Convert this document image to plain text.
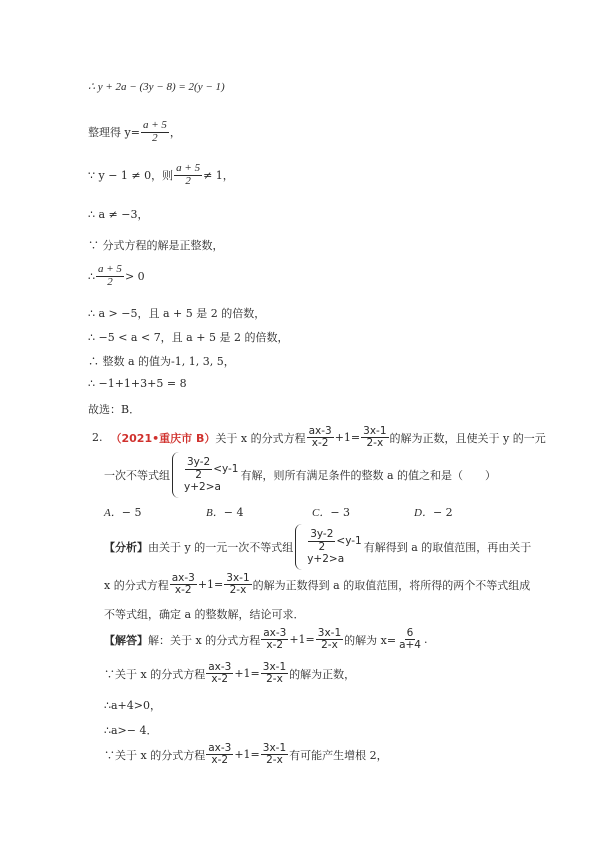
∴ y + 2a − (3y − 8) = 2(y − 1)
整理得 $y= \frac{a + 5}{2}$ ，
∵ y − 1 ≠ 0，则 $\frac{a + 5}{2} \ne 1$，
∴ a ≠ −3，
∵ 分式方程的解是正整数，
∴ $\frac{a + 5}{2} > 0$
∴ a > −5，且 a + 5 是 2 的倍数，
∴ −5 < a < 7，且 a + 5 是 2 的倍数，
∴ 整数 a 的值为-1, 1, 3, 5，
∴ −1+1+3+5 = 8
故选：B．
2. （2021•重庆市 B） 关于 x 的分式方程 $\frac{ax-3}{x-2} +1= \frac{3x-1}{2-x}$ 的解为正数，且使关于 y 的一元
一次不等式组 $\frac{3y-2}{2} <y-1$
y+2>a
有解，则所有满足条件的整数 a 的值之和是（　　）
A．− 5	B．− 4	C．− 3	D．− 2
【分析】 由关于 y 的一元一次不等式组 $\frac{3y-2}{2} <y-1$
y+2>a
有解得到 a 的取值范围，再由关于
x 的分式方程 $\frac{ax-3}{x-2} +1= \frac{3x-1}{2-x}$ 的解为正数得到 a 的取值范围，将所得的两个不等式组成
不等式组，确定 a 的整数解，结论可求．
【解答】 解：关于 x 的分式方程 $\frac{ax-3}{x-2} +1= \frac{3x-1}{2-x}$ 的解为 $x= \frac{6}{a+4}$ .
∵关于 x 的分式方程 $\frac{ax-3}{x-2} +1= \frac{3x-1}{2-x}$ 的解为正数，
∴a+4>0，
∴a>− 4．
∵关于 x 的分式方程 $\frac{ax-3}{x-2} +1= \frac{3x-1}{2-x}$ 有可能产生增根 2，
